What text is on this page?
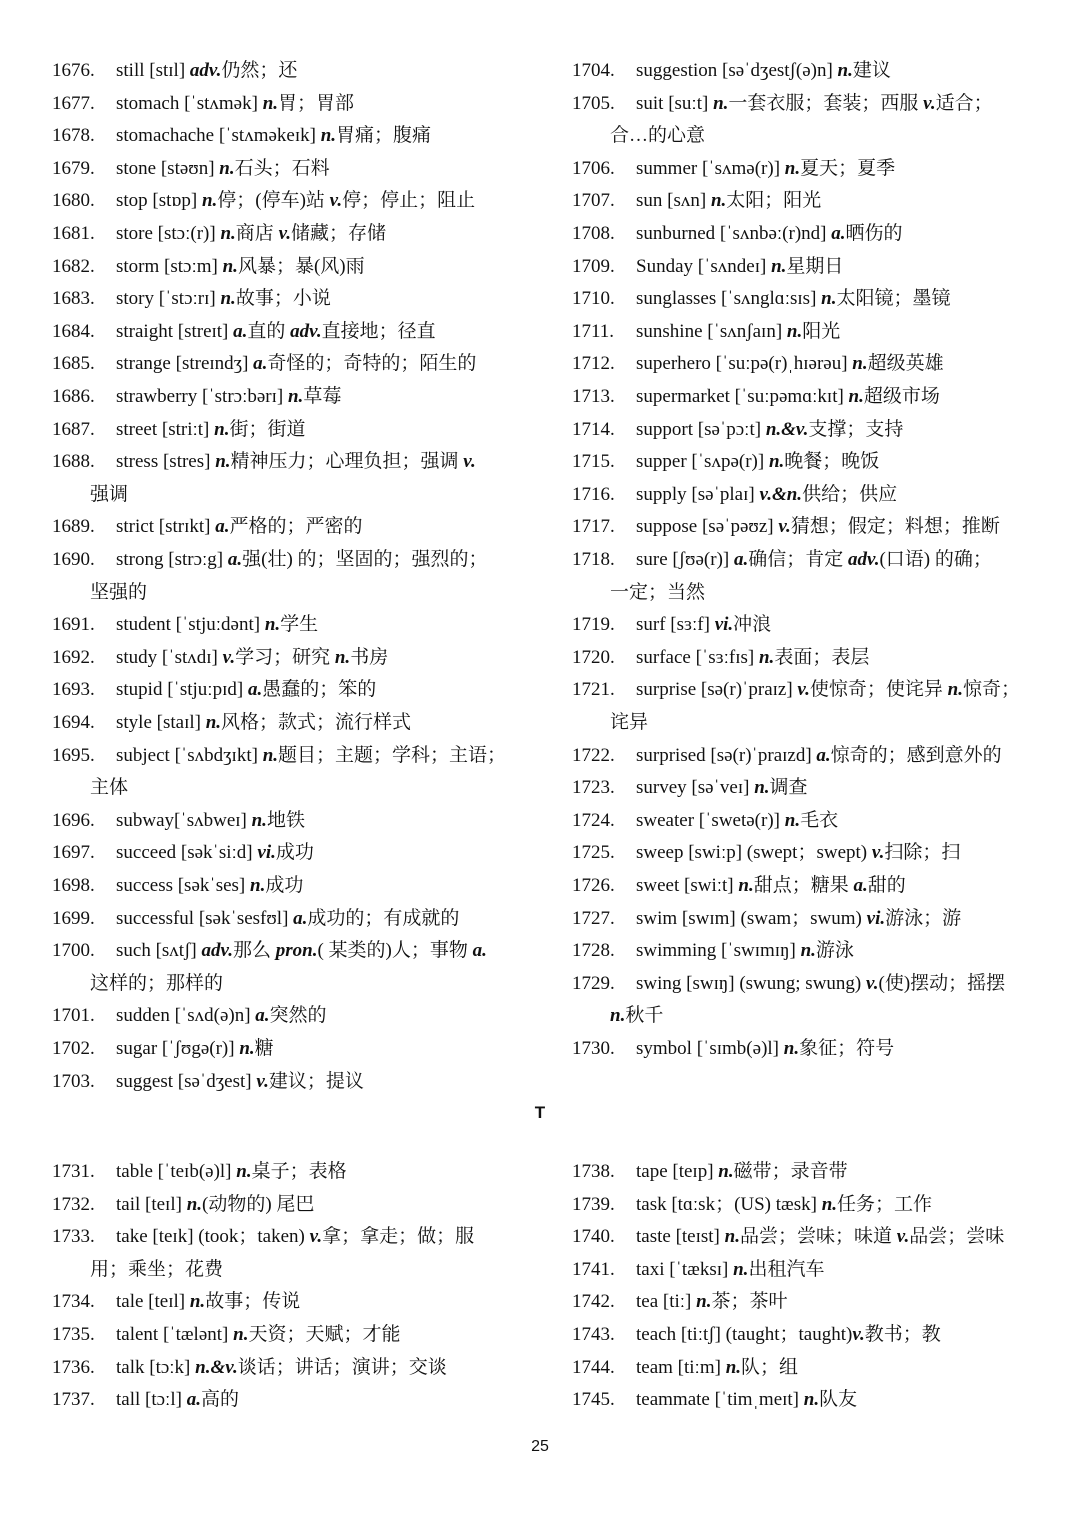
1676. still [stɪl] adv.仍然；还
1677. stomach [ˈstʌmək] n.胃；胃部
1678. stomachache [ˈstʌməkeɪk] n.胃痛；腹痛
1679. stone [stəʊn] n.石头；石料
1680. stop [stɒp] n.停；(停车)站 v.停；停止；阻止
1681. store [stɔː(r)] n.商店 v.储藏；存储
1682. storm [stɔːm] n.风暴；暴(风)雨
1683. story [ˈstɔːrɪ] n.故事；小说
1684. straight [streɪt] a.直的 adv.直接地；径直
1685. strange [streɪndʒ] a.奇怪的；奇特的；陌生的
1686. strawberry [ˈstrɔːbərɪ] n.草莓
1687. street [striːt] n.街；街道
1688. stress [stres] n.精神压力；心理负担；强调 v.
强调
1689. strict [strɪkt] a.严格的；严密的
1690. strong [strɔːg] a.强(壮) 的；坚固的；强烈的；
坚强的
1691. student [ˈstjuːdənt] n.学生
1692. study [ˈstʌdɪ] v.学习；研究 n.书房
1693. stupid [ˈstjuːpɪd] a.愚蠢的；笨的
1694. style [staɪl] n.风格；款式；流行样式
1695. subject [ˈsʌbdʒɪkt] n.题目；主题；学科；主语；
主体
1696. subway[ˈsʌbweɪ] n.地铁
1697. succeed [səkˈsiːd] vi.成功
1698. success [səkˈses] n.成功
1699. successful [səkˈsesfʊl] a.成功的；有成就的
1700. such [sʌtʃ] adv.那么 pron.( 某类的)人；事物 a.
这样的；那样的
1701. sudden [ˈsʌd(ə)n] a.突然的
1702. sugar [ˈʃʊgə(r)] n.糖
1703. suggest [səˈdʒest] v.建议；提议
1704. suggestion [səˈdʒestʃ(ə)n] n.建议
1705. suit [suːt] n.一套衣服；套装；西服 v.适合；
合…的心意
1706. summer [ˈsʌmə(r)] n.夏天；夏季
1707. sun [sʌn] n.太阳；阳光
1708. sunburned [ˈsʌnbəː(r)nd] a.晒伤的
1709. Sunday [ˈsʌndeɪ] n.星期日
1710. sunglasses [ˈsʌnglɑːsɪs] n.太阳镜；墨镜
1711. sunshine [ˈsʌnʃaɪn] n.阳光
1712. superhero [ˈsuːpə(r)ˌhɪərəu] n.超级英雄
1713. supermarket [ˈsuːpəmɑːkɪt] n.超级市场
1714. support [səˈpɔːt] n.&v.支撑；支持
1715. supper [ˈsʌpə(r)] n.晚餐；晚饭
1716. supply [səˈplaɪ] v.&n.供给；供应
1717. suppose [səˈpəʊz] v.猜想；假定；料想；推断
1718. sure [ʃʊə(r)] a.确信；肯定 adv.(口语) 的确；
一定；当然
1719. surf [sɜːf] vi.冲浪
1720. surface [ˈsɜːfɪs] n.表面；表层
1721. surprise [sə(r)ˈpraɪz] v.使惊奇；使诧异 n.惊奇；
诧异
1722. surprised [sə(r)ˈpraɪzd] a.惊奇的；感到意外的
1723. survey [səˈveɪ] n.调查
1724. sweater [ˈswetə(r)] n.毛衣
1725. sweep [swiːp] (swept；swept) v.扫除；扫
1726. sweet [swiːt] n.甜点；糖果 a.甜的
1727. swim [swɪm] (swam；swum) vi.游泳；游
1728. swimming [ˈswɪmɪŋ] n.游泳
1729. swing [swɪŋ] (swung; swung) v.(使)摆动；摇摆
n.秋千
1730. symbol [ˈsɪmb(ə)l] n.象征；符号
T
1731. table [ˈteɪb(ə)l] n.桌子；表格
1732. tail [teɪl] n.(动物的) 尾巴
1733. take [teɪk] (took；taken) v.拿；拿走；做；服
用；乘坐；花费
1734. tale [teɪl] n.故事；传说
1735. talent [ˈtælənt] n.天资；天赋；才能
1736. talk [tɔːk] n.&v.谈话；讲话；演讲；交谈
1737. tall [tɔːl] a.高的
1738. tape [teɪp] n.磁带；录音带
1739. task [tɑːsk；(US) tæsk] n.任务；工作
1740. taste [teɪst] n.品尝；尝味；味道 v.品尝；尝味
1741. taxi [ˈtæksɪ] n.出租汽车
1742. tea [tiː] n.茶；茶叶
1743. teach [tiːtʃ] (taught；taught)v.教书；教
1744. team [tiːm] n.队；组
1745. teammate [ˈtimˌmeɪt] n.队友
25
